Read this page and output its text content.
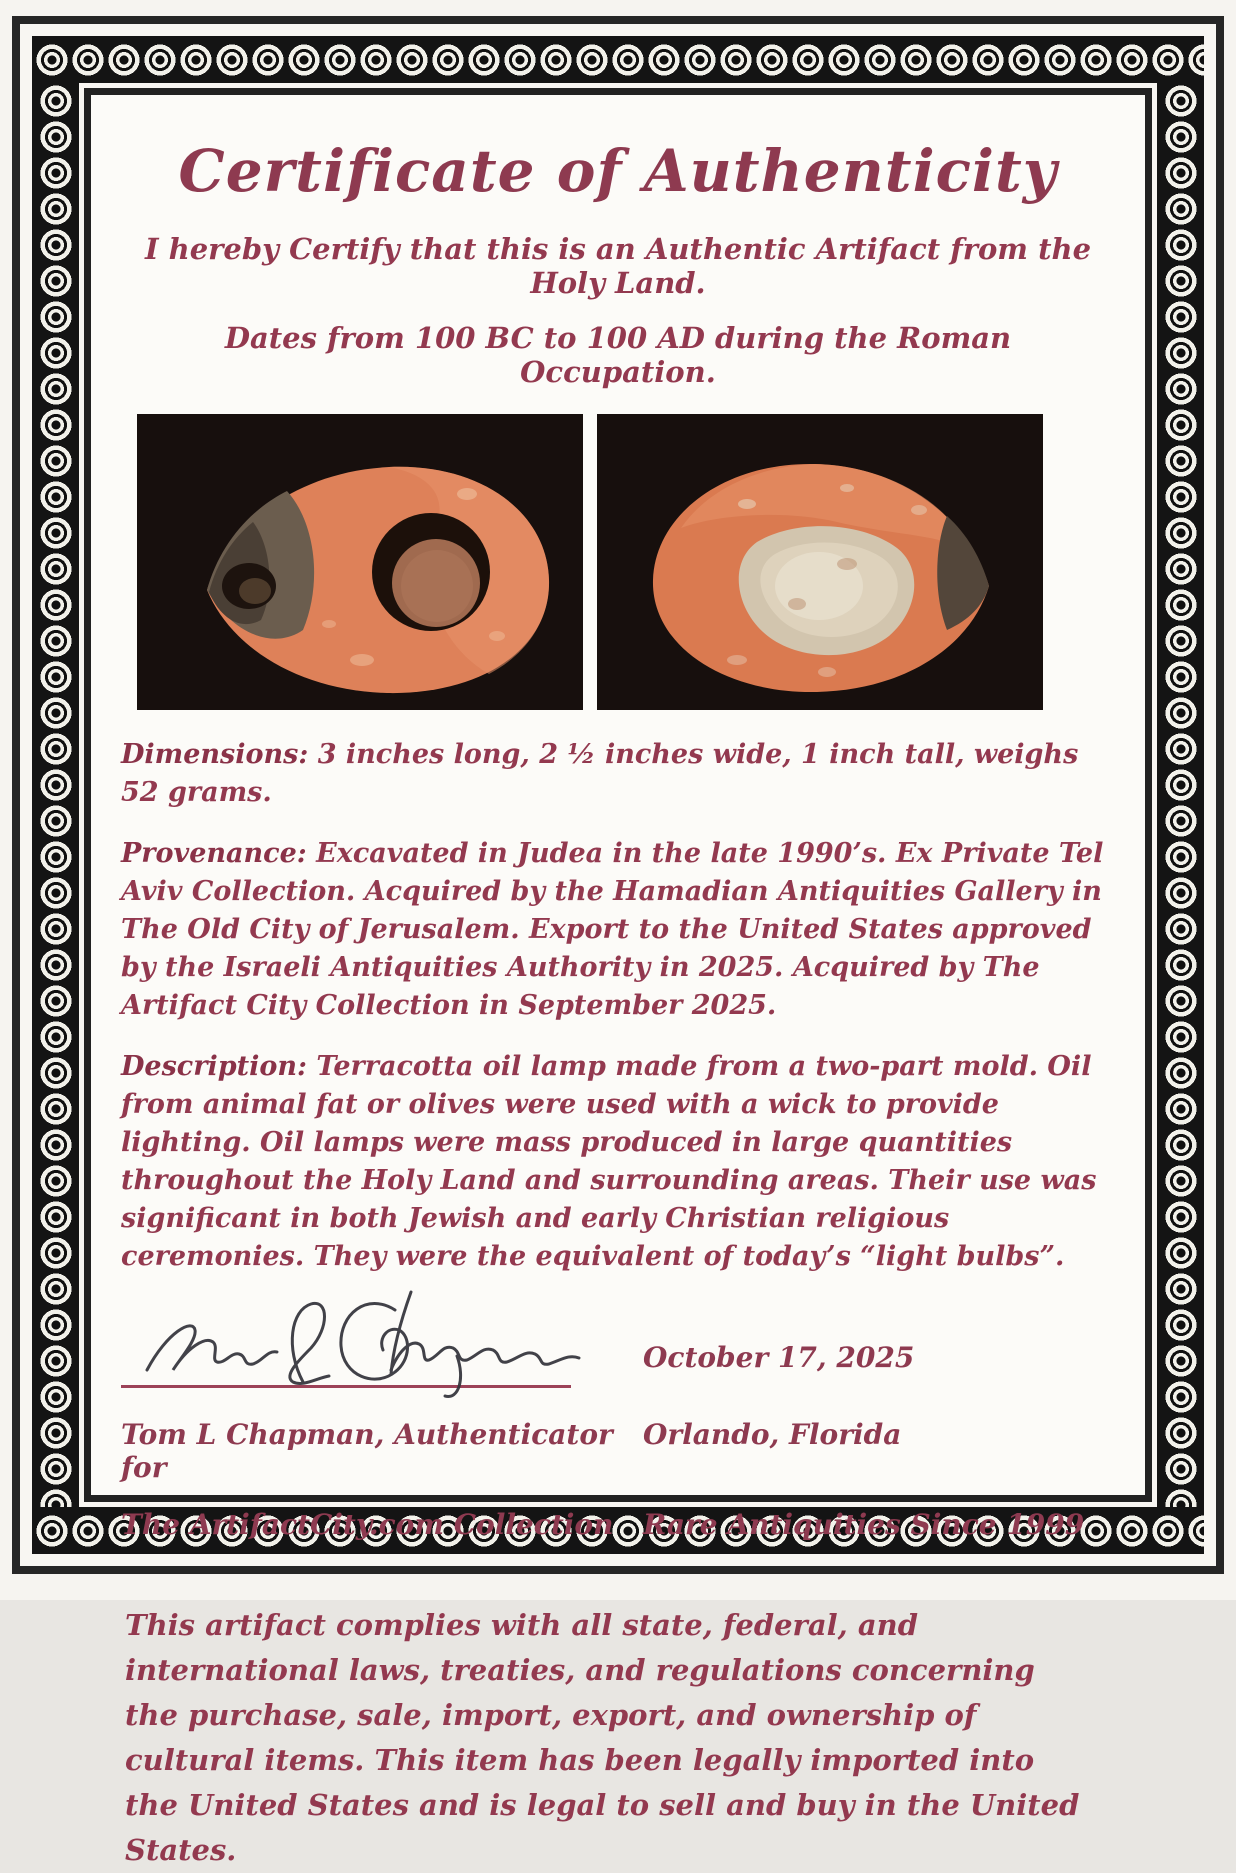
Certificate of Authenticity

I hereby Certify that this is an Authentic Artifact from the Holy Land.

Dates from 100 BC to 100 AD during the Roman Occupation.

Dimensions: 3 inches long, 2 ½ inches wide, 1 inch tall, weighs 52 grams.

Provenance: Excavated in Judea in the late 1990’s. Ex Private Tel Aviv Collection. Acquired by the Hamadian Antiquities Gallery in The Old City of Jerusalem. Export to the United States approved by the Israeli Antiquities Authority in 2025. Acquired by The Artifact City Collection in September 2025.

Description: Terracotta oil lamp made from a two-part mold. Oil from animal fat or olives were used with a wick to provide lighting. Oil lamps were mass produced in large quantities throughout the Holy Land and surrounding areas. Their use was significant in both Jewish and early Christian religious ceremonies. They were the equivalent of today’s “light bulbs”.

October 17, 2025
Tom L Chapman, Authenticator for
Orlando, Florida
The ArtifactCity.com Collection	Rare Antiquities Since 1999

This artifact complies with all state, federal, and international laws, treaties, and regulations concerning the purchase, sale, import, export, and ownership of cultural items. This item has been legally imported into the United States and is legal to sell and buy in the United States.
